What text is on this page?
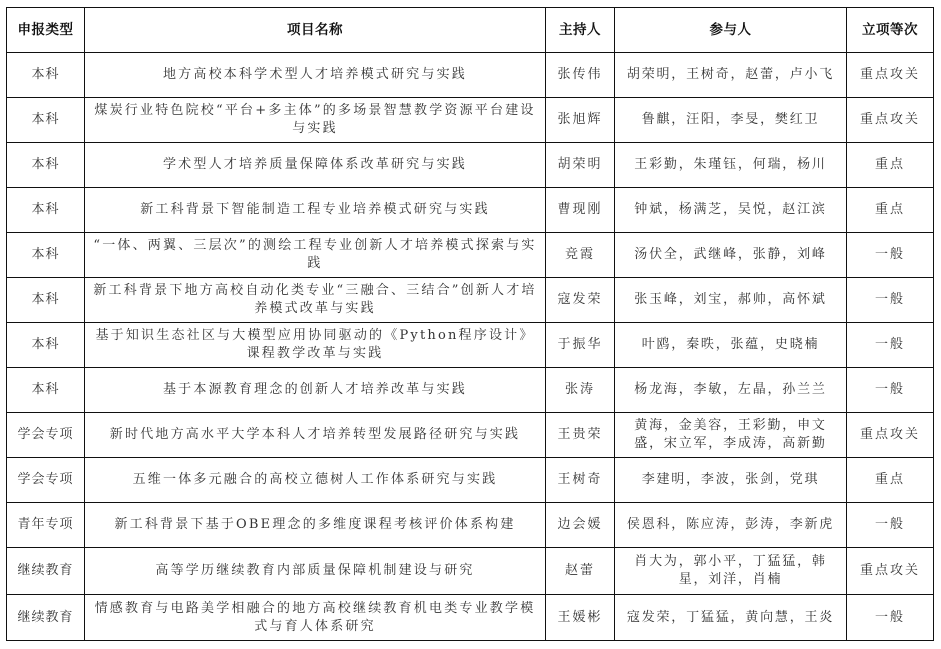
申报类型	项目名称	主持人	参与人	立项等次
本科	地方高校本科学术型人才培养模式研究与实践	张传伟	胡荣明，王树奇，赵蕾，卢小飞	重点攻关
本科	煤炭行业特色院校“平台+多主体”的多场景智慧教学资源平台建设与实践	张旭辉	鲁麒，汪阳，李旻，樊红卫	重点攻关
本科	学术型人才培养质量保障体系改革研究与实践	胡荣明	王彩勤，朱瑾钰，何瑞，杨川	重点
本科	新工科背景下智能制造工程专业培养模式研究与实践	曹现刚	钟斌，杨满芝，吴悦，赵江滨	重点
本科	“一体、两翼、三层次”的测绘工程专业创新人才培养模式探索与实践	竞霞	汤伏全，武继峰，张静，刘峰	一般
本科	新工科背景下地方高校自动化类专业“三融合、三结合”创新人才培养模式改革与实践	寇发荣	张玉峰，刘宝，郝帅，高怀斌	一般
本科	基于知识生态社区与大模型应用协同驱动的《Python程序设计》课程教学改革与实践	于振华	叶鸥，秦昳，张蕴，史晓楠	一般
本科	基于本源教育理念的创新人才培养改革与实践	张涛	杨龙海，李敏，左晶，孙兰兰	一般
学会专项	新时代地方高水平大学本科人才培养转型发展路径研究与实践	王贵荣	黄海，金美容，王彩勤，申文盛，宋立军，李成涛，高新勤	重点攻关
学会专项	五维一体多元融合的高校立德树人工作体系研究与实践	王树奇	李建明，李波，张剑，党琪	重点
青年专项	新工科背景下基于OBE理念的多维度课程考核评价体系构建	边会媛	侯恩科，陈应涛，彭涛，李新虎	一般
继续教育	高等学历继续教育内部质量保障机制建设与研究	赵蕾	肖大为，郭小平，丁猛猛，韩星，刘洋，肖楠	重点攻关
继续教育	情感教育与电路美学相融合的地方高校继续教育机电类专业教学模式与育人体系研究	王媛彬	寇发荣，丁猛猛，黄向慧，王炎	一般
